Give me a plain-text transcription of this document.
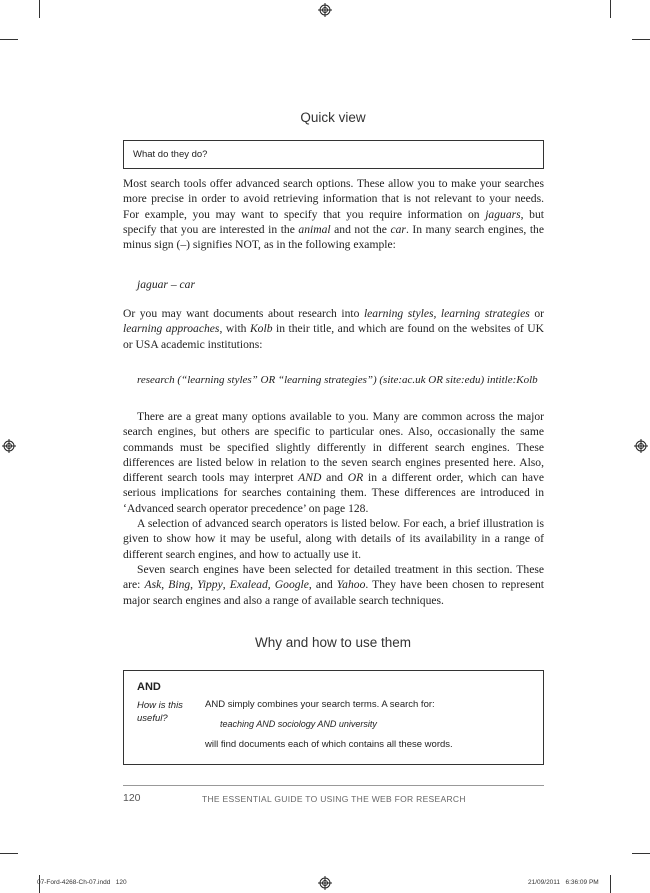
Quick view
What do they do?

Most search tools offer advanced search options. These allow you to make your searches more precise in order to avoid retrieving information that is not relevant to your needs. For example, you may want to specify that you require information on jaguars, but specify that you are interested in the animal and not the car. In many search engines, the minus sign (–) signifies NOT, as in the following example:

jaguar – car

Or you may want documents about research into learning styles, learning strategies or learning approaches, with Kolb in their title, and which are found on the websites of UK or USA academic institutions:

research (“learning styles” OR “learning strategies”) (site:ac.uk OR site:edu) intitle:Kolb

There are a great many options available to you. Many are common across the major search engines, but others are specific to particular ones. Also, occasionally the same commands must be specified slightly differently in different search engines. These differences are listed below in relation to the seven search engines presented here. Also, different search tools may interpret AND and OR in a different order, which can have serious implications for searches containing them. These differences are introduced in ‘Advanced search operator precedence’ on page 128.

A selection of advanced search operators is listed below. For each, a brief illustration is given to show how it may be useful, along with details of its availability in a range of different search engines, and how to actually use it.

Seven search engines have been selected for detailed treatment in this section. These are: Ask, Bing, Yippy, Exalead, Google, and Yahoo. They have been chosen to represent major search engines and also a range of available search techniques.

Why and how to use them
AND
How is this useful?
AND simply combines your search terms. A search for:
teaching AND sociology AND university
will find documents each of which contains all these words.
120	THE ESSENTIAL GUIDE TO USING THE WEB FOR RESEARCH
07-Ford-4268-Ch-07.indd   120	21/09/2011   6:36:09 PM
